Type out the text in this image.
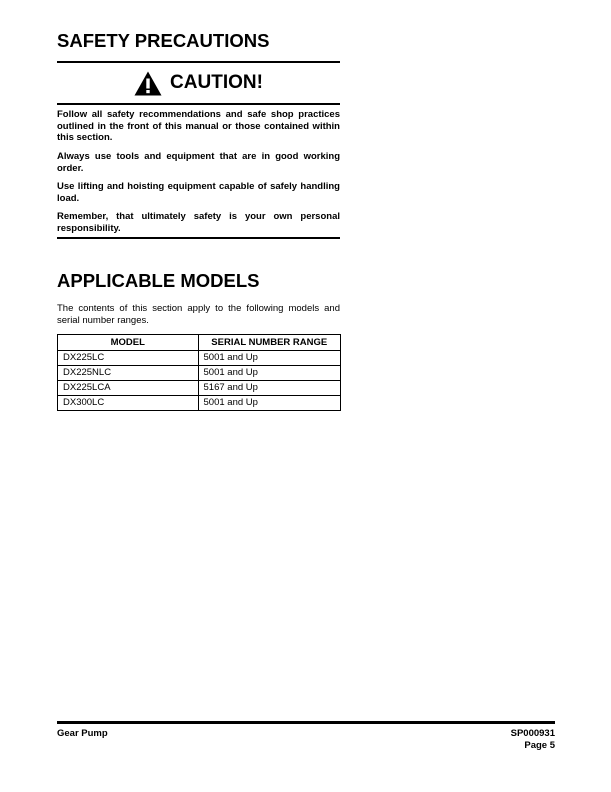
SAFETY PRECAUTIONS
CAUTION!

Follow all safety recommendations and safe shop practices outlined in the front of this manual or those contained within this section.

Always use tools and equipment that are in good working order.

Use lifting and hoisting equipment capable of safely handling load.

Remember, that ultimately safety is your own personal responsibility.

APPLICABLE MODELS

The contents of this section apply to the following models and serial number ranges.

MODEL	SERIAL NUMBER RANGE
DX225LC	5001 and Up
DX225NLC	5001 and Up
DX225LCA	5167 and Up
DX300LC	5001 and Up
Gear Pump	SP000931
Page 5
